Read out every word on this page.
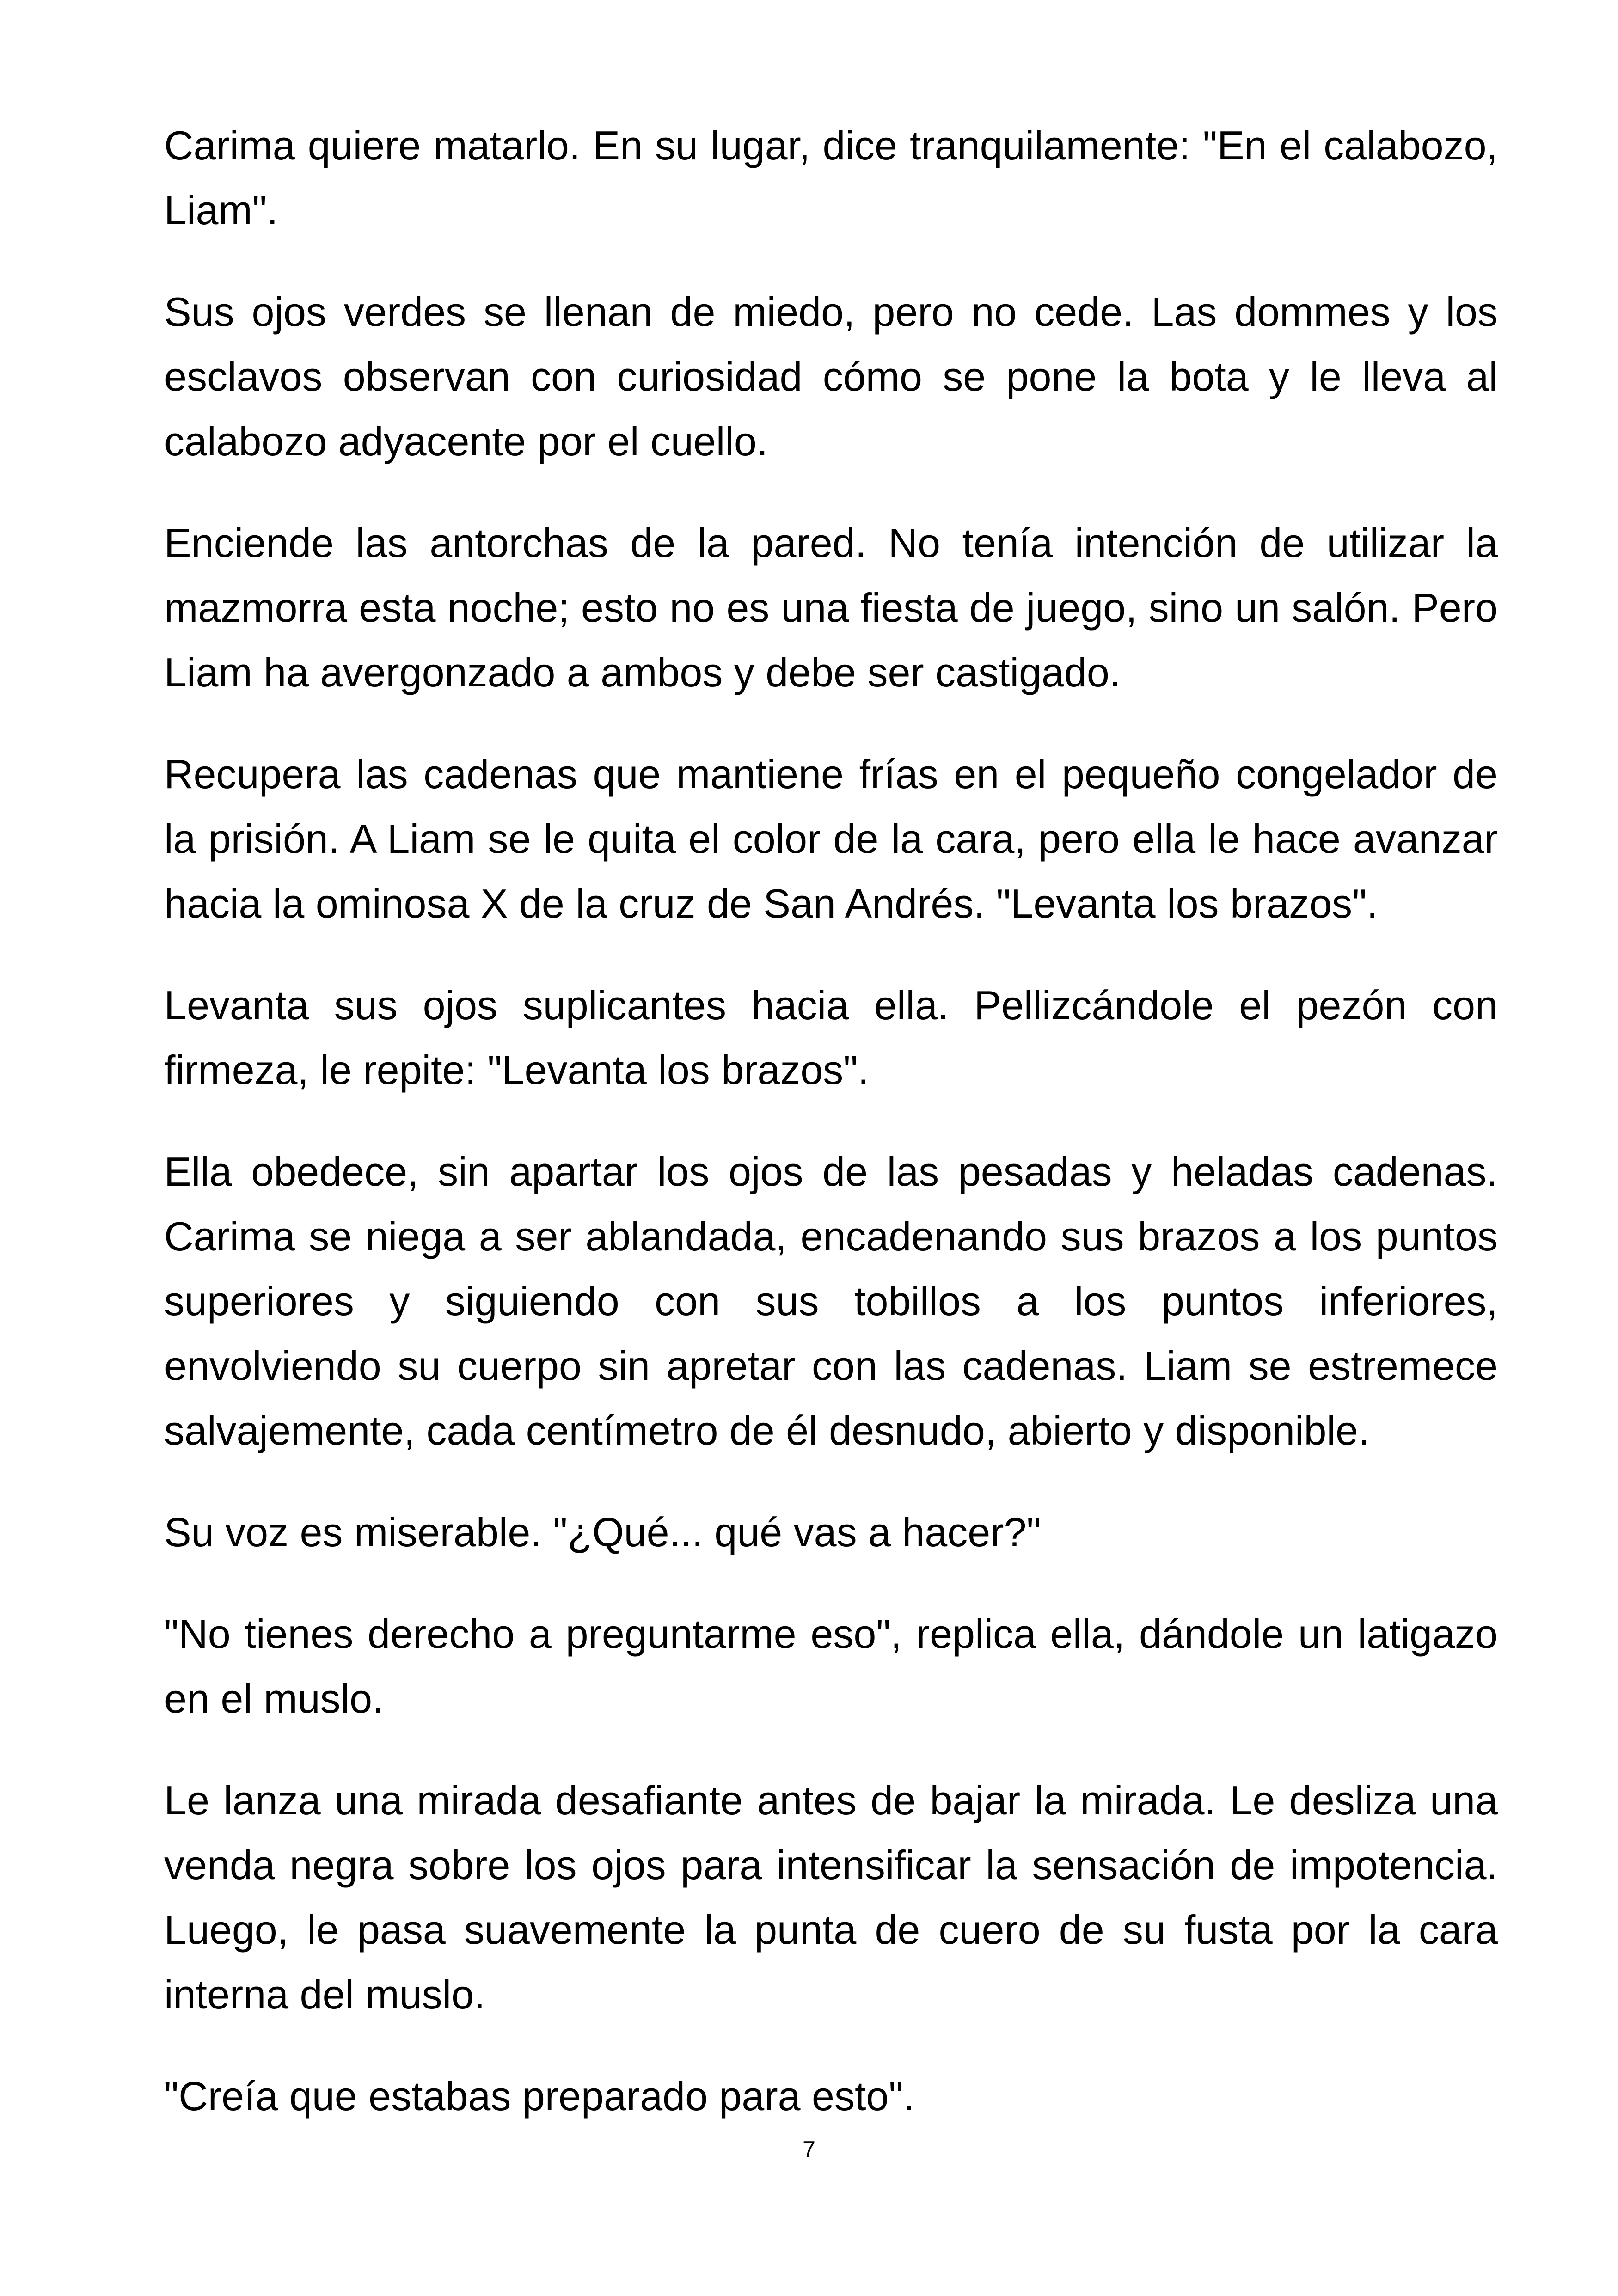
Carima quiere matarlo. En su lugar, dice tranquilamente: "En el calabozo, Liam".

Sus ojos verdes se llenan de miedo, pero no cede. Las dommes y los esclavos observan con curiosidad cómo se pone la bota y le lleva al calabozo adyacente por el cuello.

Enciende las antorchas de la pared. No tenía intención de utilizar la mazmorra esta noche; esto no es una fiesta de juego, sino un salón. Pero Liam ha avergonzado a ambos y debe ser castigado.

Recupera las cadenas que mantiene frías en el pequeño congelador de la prisión. A Liam se le quita el color de la cara, pero ella le hace avanzar hacia la ominosa X de la cruz de San Andrés. "Levanta los brazos".

Levanta sus ojos suplicantes hacia ella. Pellizcándole el pezón con firmeza, le repite: "Levanta los brazos".

Ella obedece, sin apartar los ojos de las pesadas y heladas cadenas. Carima se niega a ser ablandada, encadenando sus brazos a los puntos superiores y siguiendo con sus tobillos a los puntos inferiores, envolviendo su cuerpo sin apretar con las cadenas. Liam se estremece salvajemente, cada centímetro de él desnudo, abierto y disponible.

Su voz es miserable. "¿Qué... qué vas a hacer?"

"No tienes derecho a preguntarme eso", replica ella, dándole un latigazo en el muslo.

Le lanza una mirada desafiante antes de bajar la mirada. Le desliza una venda negra sobre los ojos para intensificar la sensación de impotencia. Luego, le pasa suavemente la punta de cuero de su fusta por la cara interna del muslo.

"Creía que estabas preparado para esto".

7
